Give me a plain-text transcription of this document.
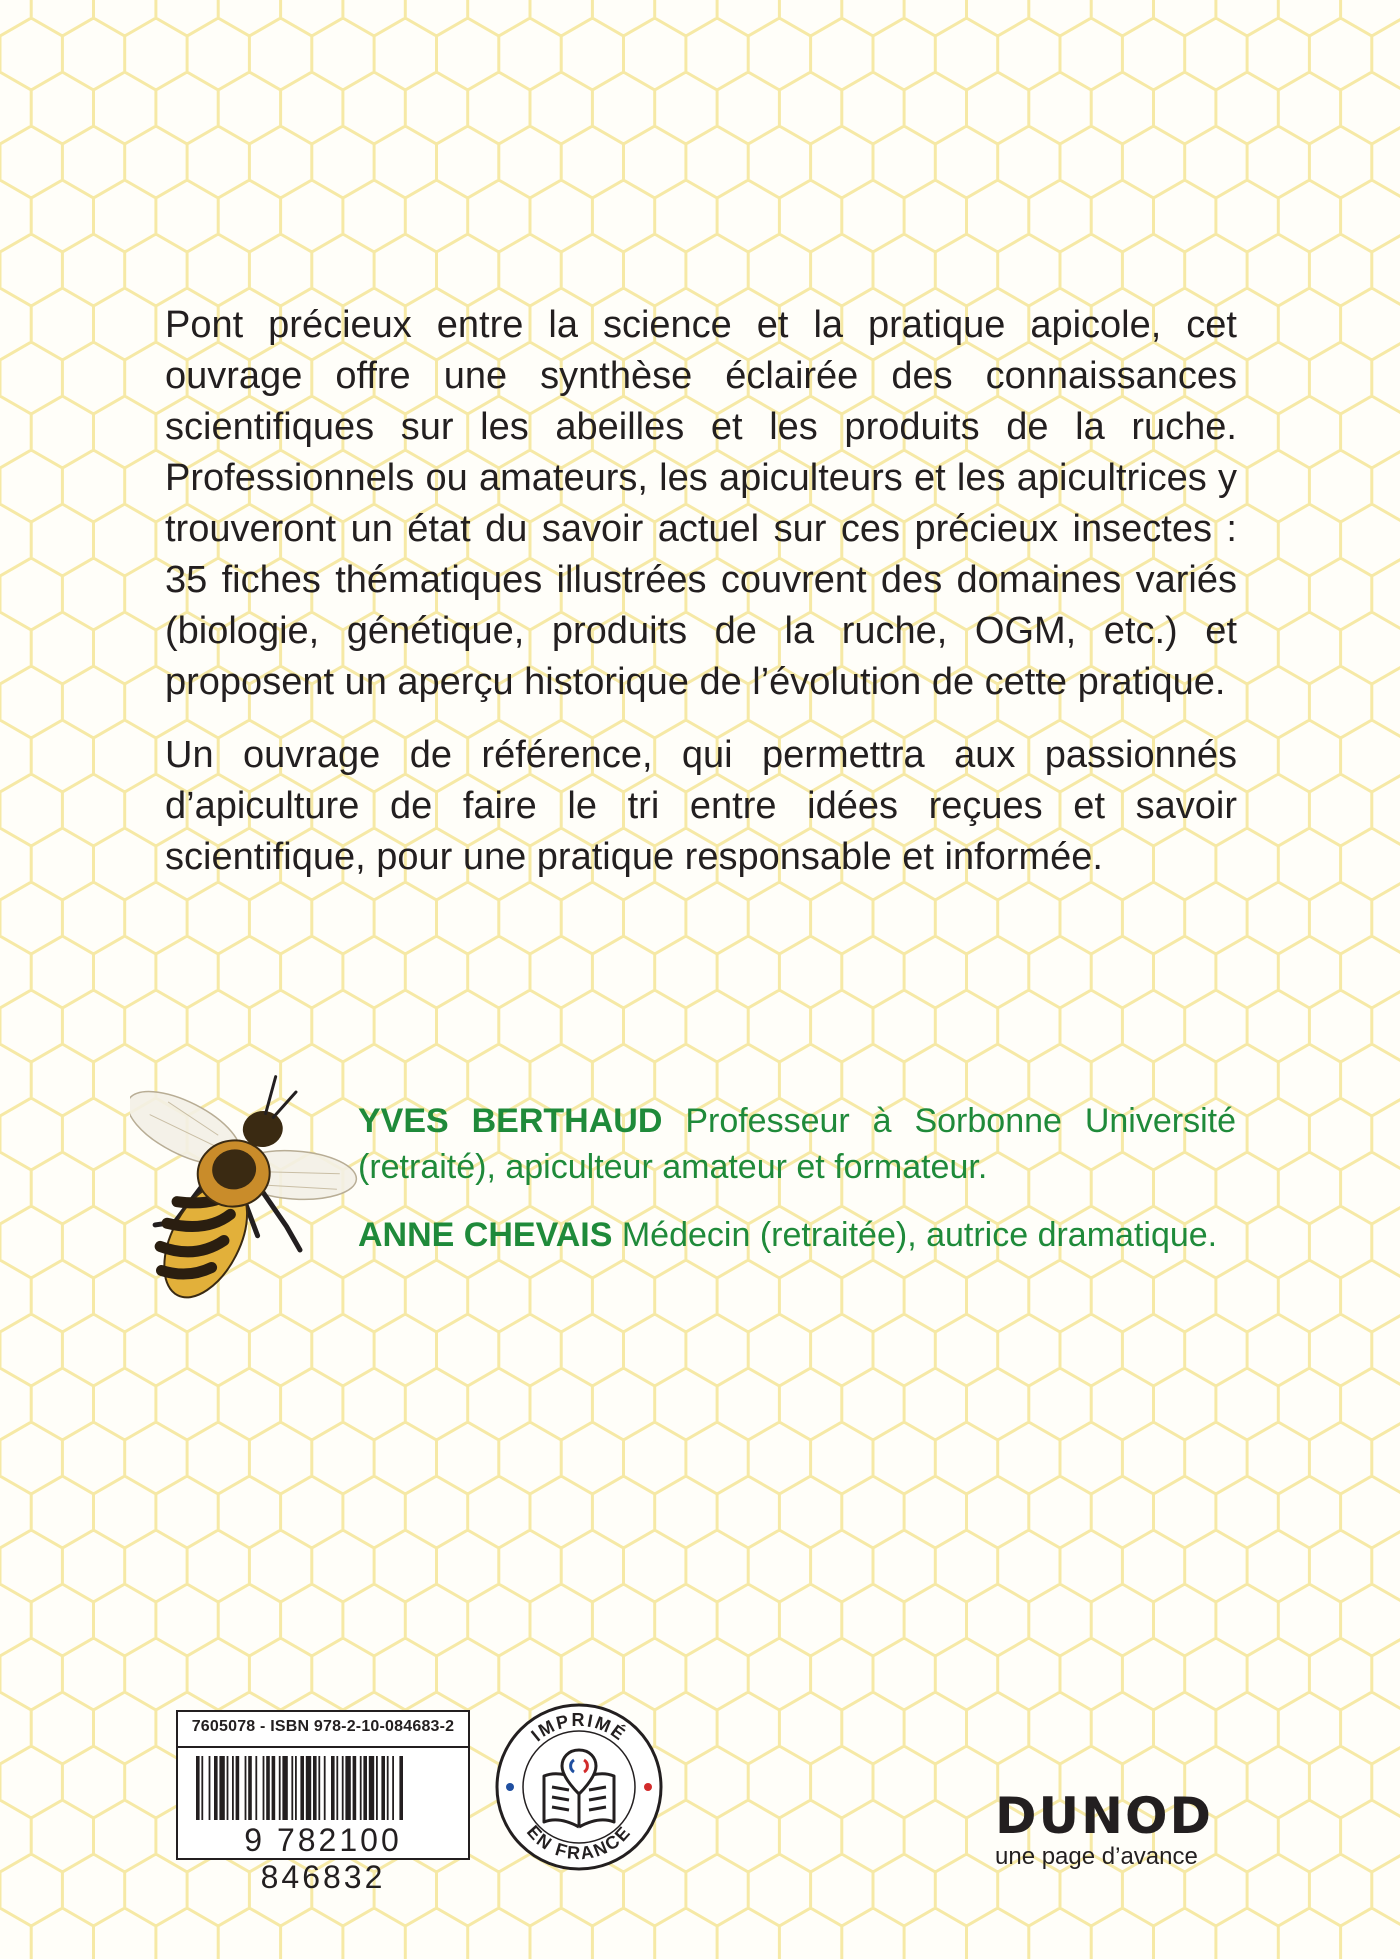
Pont précieux entre la science et la pratique apicole, cet ouvrage offre une synthèse éclairée des connaissances scientifiques sur les abeilles et les produits de la ruche. Professionnels ou amateurs, les apiculteurs et les apicultrices y trouveront un état du savoir actuel sur ces précieux insectes : 35 fiches thématiques illustrées couvrent des domaines variés (biologie, génétique, produits de la ruche, OGM, etc.) et proposent un aperçu historique de l’évolution de cette pratique.

Un ouvrage de référence, qui permettra aux passionnés d’apiculture de faire le tri entre idées reçues et savoir scientifique, pour une pratique responsable et informée.

YVES BERTHAUD Professeur à Sorbonne Université (retraité), apiculteur amateur et formateur.

ANNE CHEVAIS Médecin (retraitée), autrice dramatique.

7605078 - ISBN 978-2-10-084683-2
9 782100 846832
IMPRIMÉ
EN FRANCE	DUNOD
une page d’avance
